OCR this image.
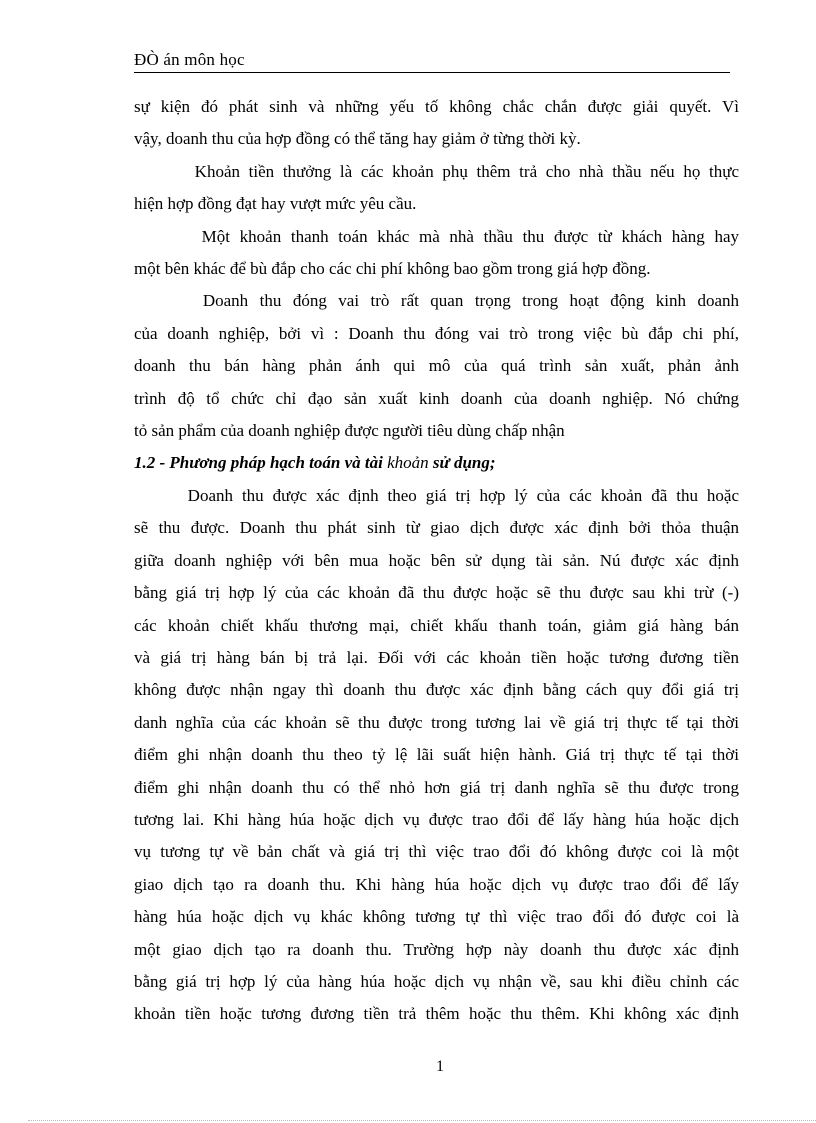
ĐÒ án môn học

sự kiện đó phát sinh và những yếu tố không chắc chắn được giải quyết. Vì
vậy, doanh thu của hợp đồng có thể tăng hay giảm ở từng thời kỳ.

Khoản tiền thưởng là các khoản phụ thêm trả cho nhà thầu nếu họ thực
hiện hợp đồng đạt hay vượt mức yêu cầu.

Một khoản thanh toán khác mà nhà thầu thu được từ khách hàng hay
một bên khác để bù đắp cho các chi phí không bao gồm trong giá hợp đồng.

Doanh thu đóng vai trò rất quan trọng trong hoạt động kinh doanh
của doanh nghiệp, bởi vì : Doanh thu đóng vai trò trong việc bù đắp chi phí,
doanh thu bán hàng phản ánh qui mô của quá trình sản xuất, phản ảnh
trình độ tổ chức chỉ đạo sản xuất kinh doanh của doanh nghiệp. Nó chứng
tỏ sản phẩm của doanh nghiệp được người tiêu dùng chấp nhận

1.2 - Phương pháp hạch toán và tài khoản sử dụng;

Doanh thu được xác định theo giá trị hợp lý của các khoản đã thu hoặc
sẽ thu được. Doanh thu phát sinh từ giao dịch được xác định bởi thỏa thuận
giữa doanh nghiệp với bên mua hoặc bên sử dụng tài sản. Nú được xác định
bằng giá trị hợp lý của các khoản đã thu được hoặc sẽ thu được sau khi trừ (-)
các khoản chiết khấu thương mại, chiết khấu thanh toán, giảm giá hàng bán
và giá trị hàng bán bị trả lại. Đối với các khoản tiền hoặc tương đương tiền
không được nhận ngay thì doanh thu được xác định bằng cách quy đổi giá trị
danh nghĩa của các khoản sẽ thu được trong tương lai về giá trị thực tế tại thời
điểm ghi nhận doanh thu theo tỷ lệ lãi suất hiện hành. Giá trị thực tế tại thời
điểm ghi nhận doanh thu có thể nhỏ hơn giá trị danh nghĩa sẽ thu được trong
tương lai. Khi hàng húa hoặc dịch vụ được trao đổi để lấy hàng húa hoặc dịch
vụ tương tự về bản chất và giá trị thì việc trao đổi đó không được coi là một
giao dịch tạo ra doanh thu. Khi hàng húa hoặc dịch vụ được trao đổi để lấy
hàng húa hoặc dịch vụ khác không tương tự thì việc trao đổi đó được coi là
một giao dịch tạo ra doanh thu. Trường hợp này doanh thu được xác định
bằng giá trị hợp lý của hàng húa hoặc dịch vụ nhận về, sau khi điều chỉnh các
khoản tiền hoặc tương đương tiền trả thêm hoặc thu thêm. Khi không xác định

1
